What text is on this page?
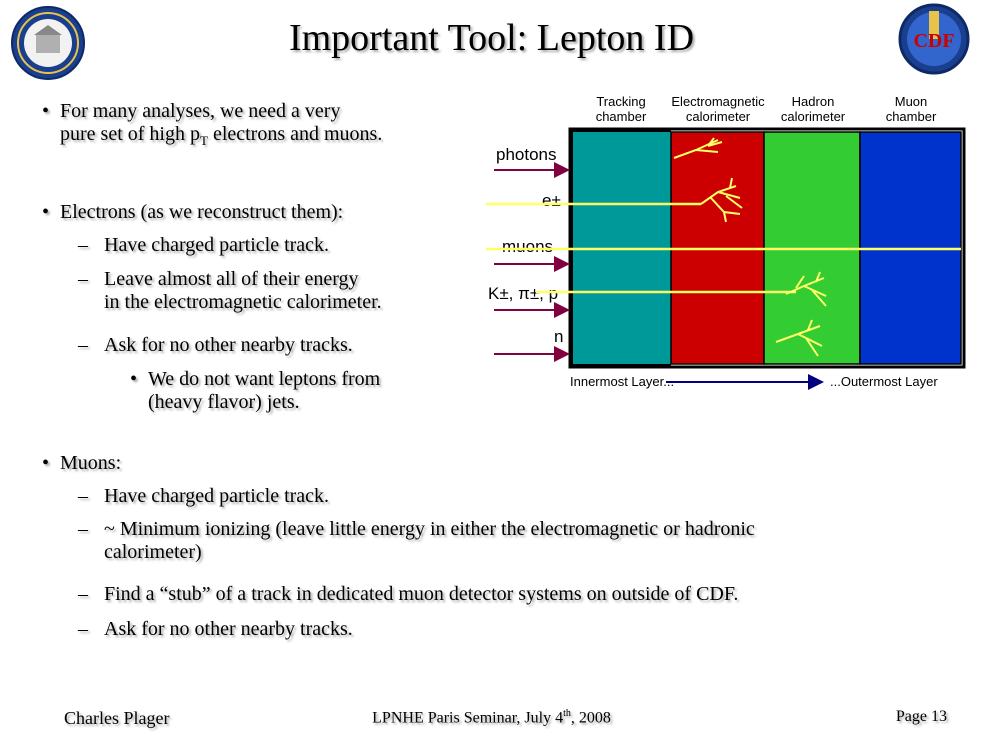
CDF
Important Tool: Lepton ID
• For many analyses, we need a very
pure set of high $p_T$ electrons and muons.
• Electrons (as we reconstruct them):
– Have charged particle track.
– Leave almost all of their energy
in the electromagnetic calorimeter.
– Ask for no other nearby tracks.
• We do not want leptons from
(heavy flavor) jets.
• Muons:
– Have charged particle track.
– ~ Minimum ionizing (leave little energy in either the electromagnetic or hadronic
calorimeter)
– Find a “stub” of a track in dedicated muon detector systems on outside of CDF.
– Ask for no other nearby tracks.
Tracking
chamber
Electromagnetic
calorimeter
Hadron
calorimeter
Muon
chamber
photons
e±
muons
K±, π±, p
n
Innermost Layer...	...Outermost Layer
Charles Plager	LPNHE Paris Seminar, July 4th, 2008	Page 13
